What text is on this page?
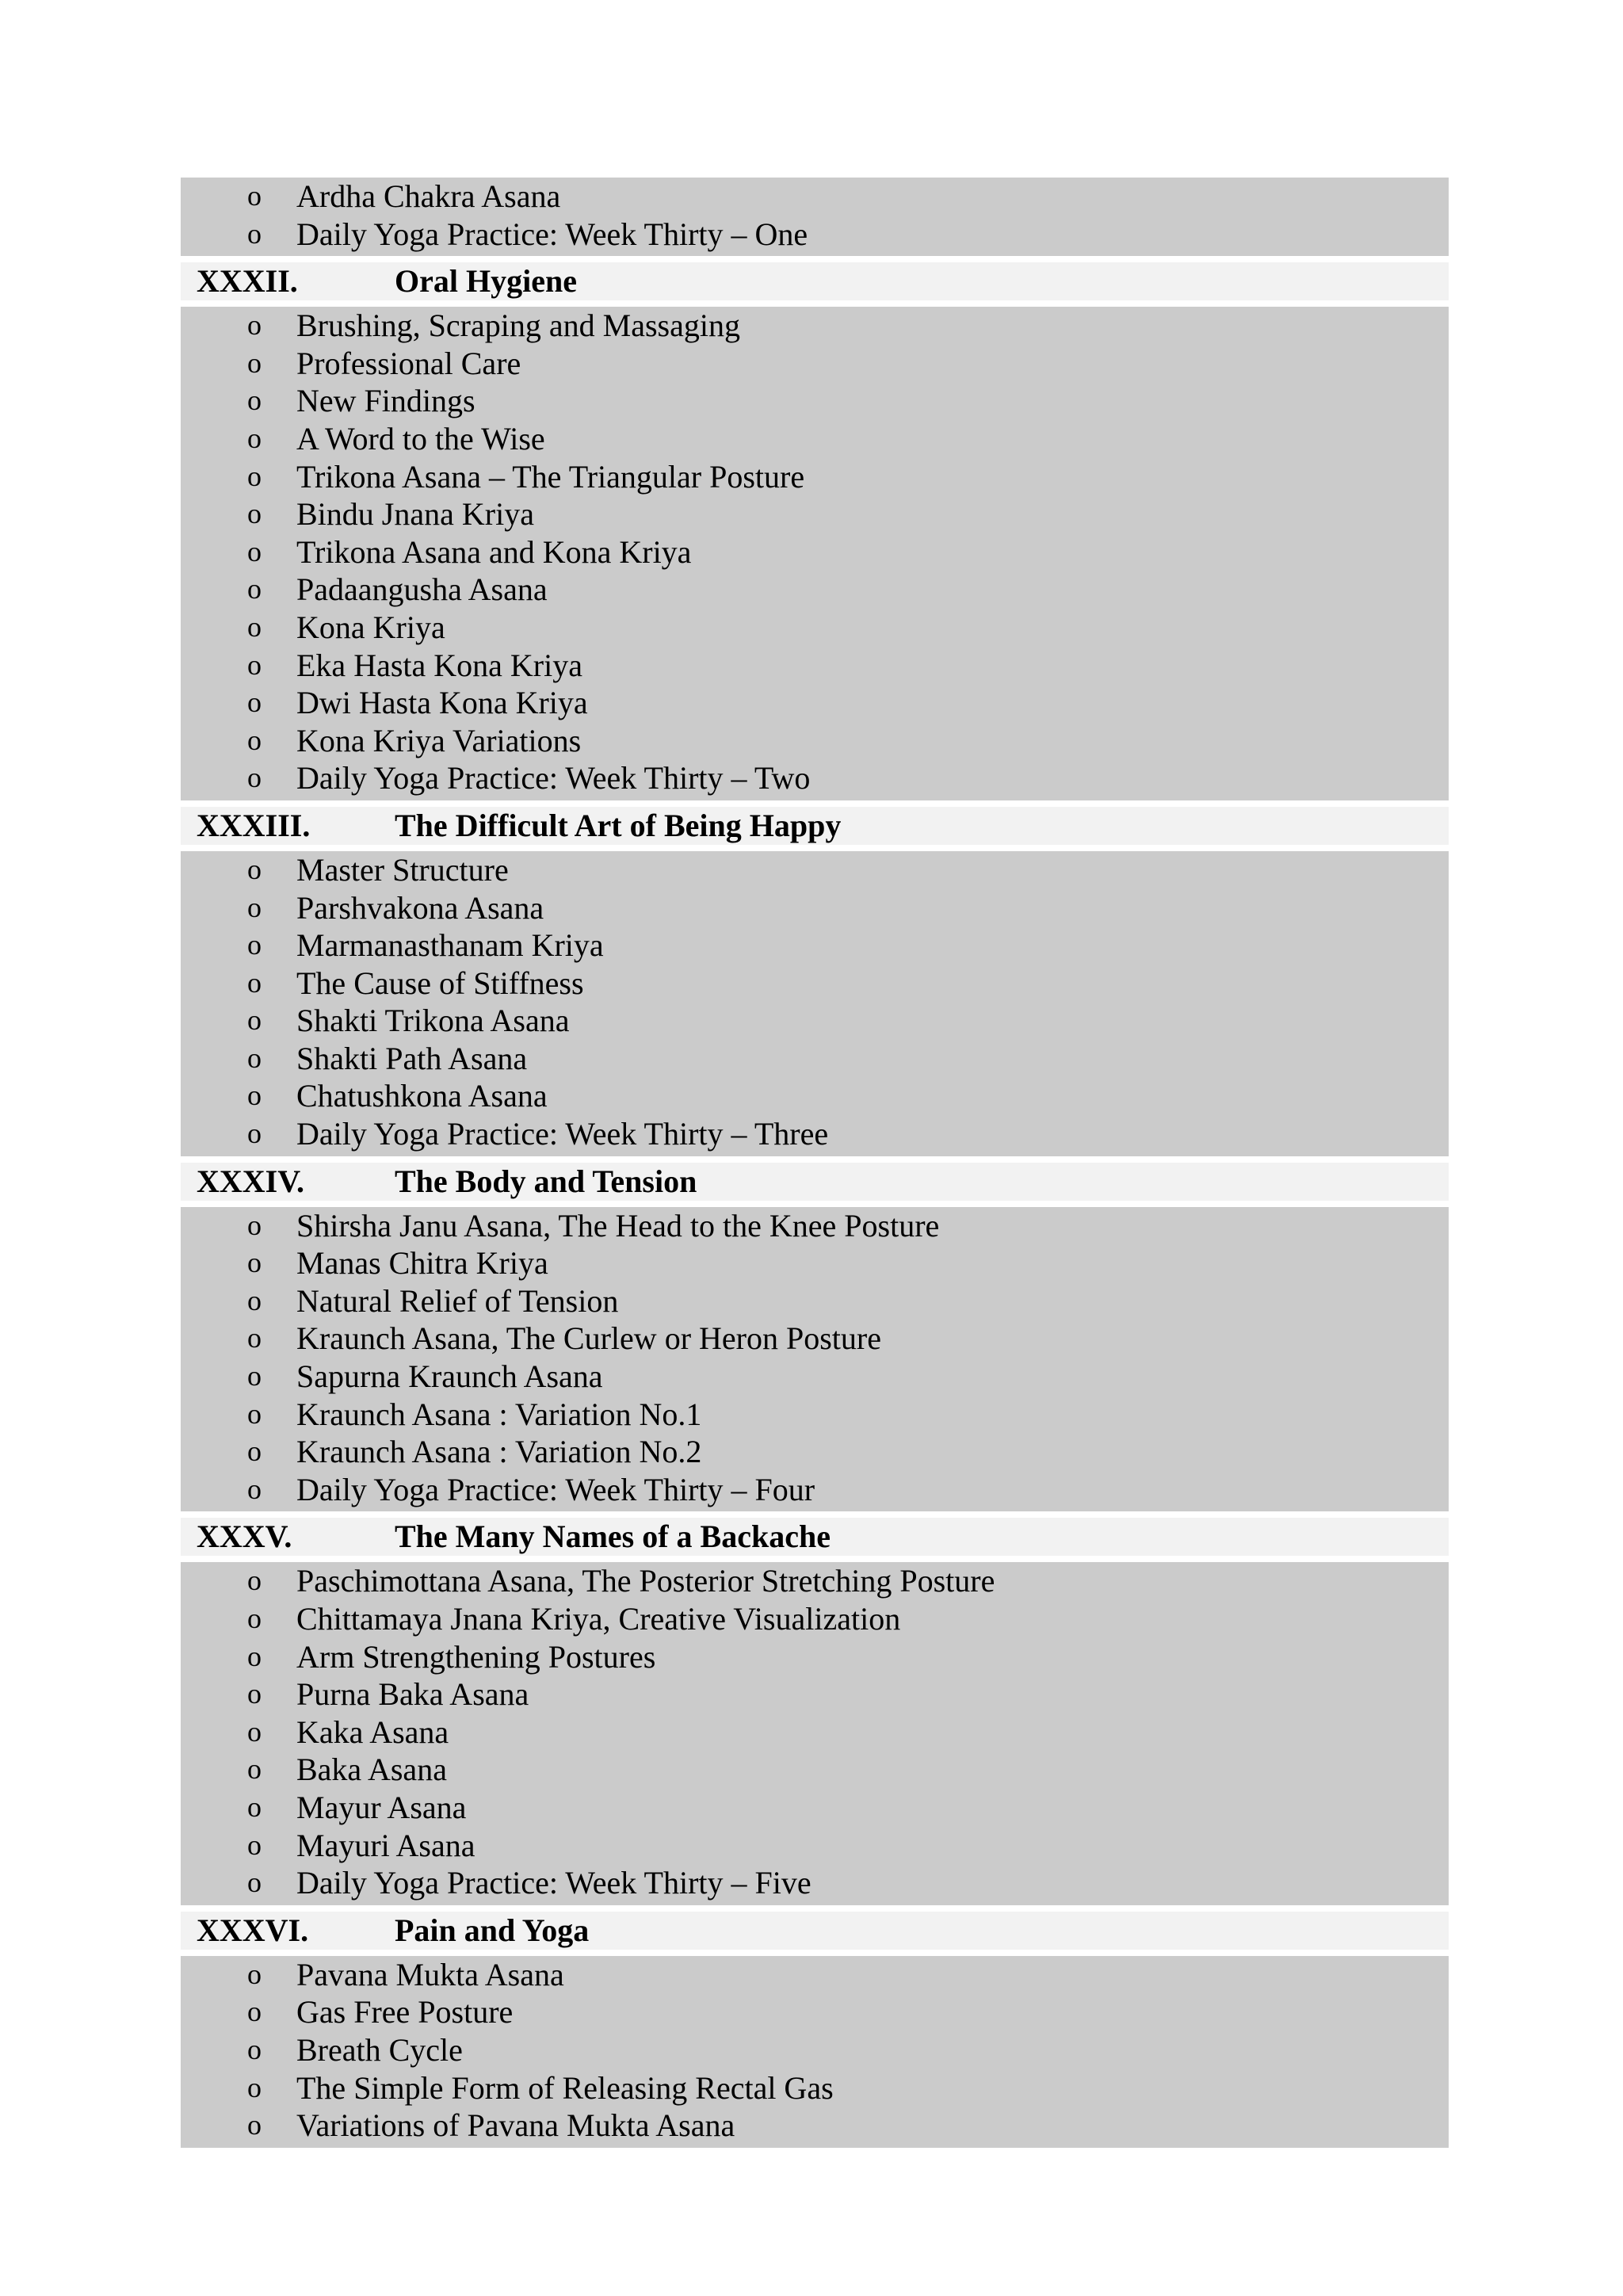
o Ardha Chakra Asana
o Daily Yoga Practice: Week Thirty – One
XXXII.	Oral Hygiene
o Brushing, Scraping and Massaging
o Professional Care
o New Findings
o A Word to the Wise
o Trikona Asana – The Triangular Posture
o Bindu Jnana Kriya
o Trikona Asana and Kona Kriya
o Padaangusha Asana
o Kona Kriya
o Eka Hasta Kona Kriya
o Dwi Hasta Kona Kriya
o Kona Kriya Variations
o Daily Yoga Practice: Week Thirty – Two
XXXIII.	The Difficult Art of Being Happy
o Master Structure
o Parshvakona Asana
o Marmanasthanam Kriya
o The Cause of Stiffness
o Shakti Trikona Asana
o Shakti Path Asana
o Chatushkona Asana
o Daily Yoga Practice: Week Thirty – Three
XXXIV.	The Body and Tension
o Shirsha Janu Asana, The Head to the Knee Posture
o Manas Chitra Kriya
o Natural Relief of Tension
o Kraunch Asana, The Curlew or Heron Posture
o Sapurna Kraunch Asana
o Kraunch Asana : Variation No.1
o Kraunch Asana : Variation No.2
o Daily Yoga Practice: Week Thirty – Four
XXXV.	The Many Names of a Backache
o Paschimottana Asana, The Posterior Stretching Posture
o Chittamaya Jnana Kriya, Creative Visualization
o Arm Strengthening Postures
o Purna Baka Asana
o Kaka Asana
o Baka Asana
o Mayur Asana
o Mayuri Asana
o Daily Yoga Practice: Week Thirty – Five
XXXVI.	Pain and Yoga
o Pavana Mukta Asana
o Gas Free Posture
o Breath Cycle
o The Simple Form of Releasing Rectal Gas
o Variations of Pavana Mukta Asana
